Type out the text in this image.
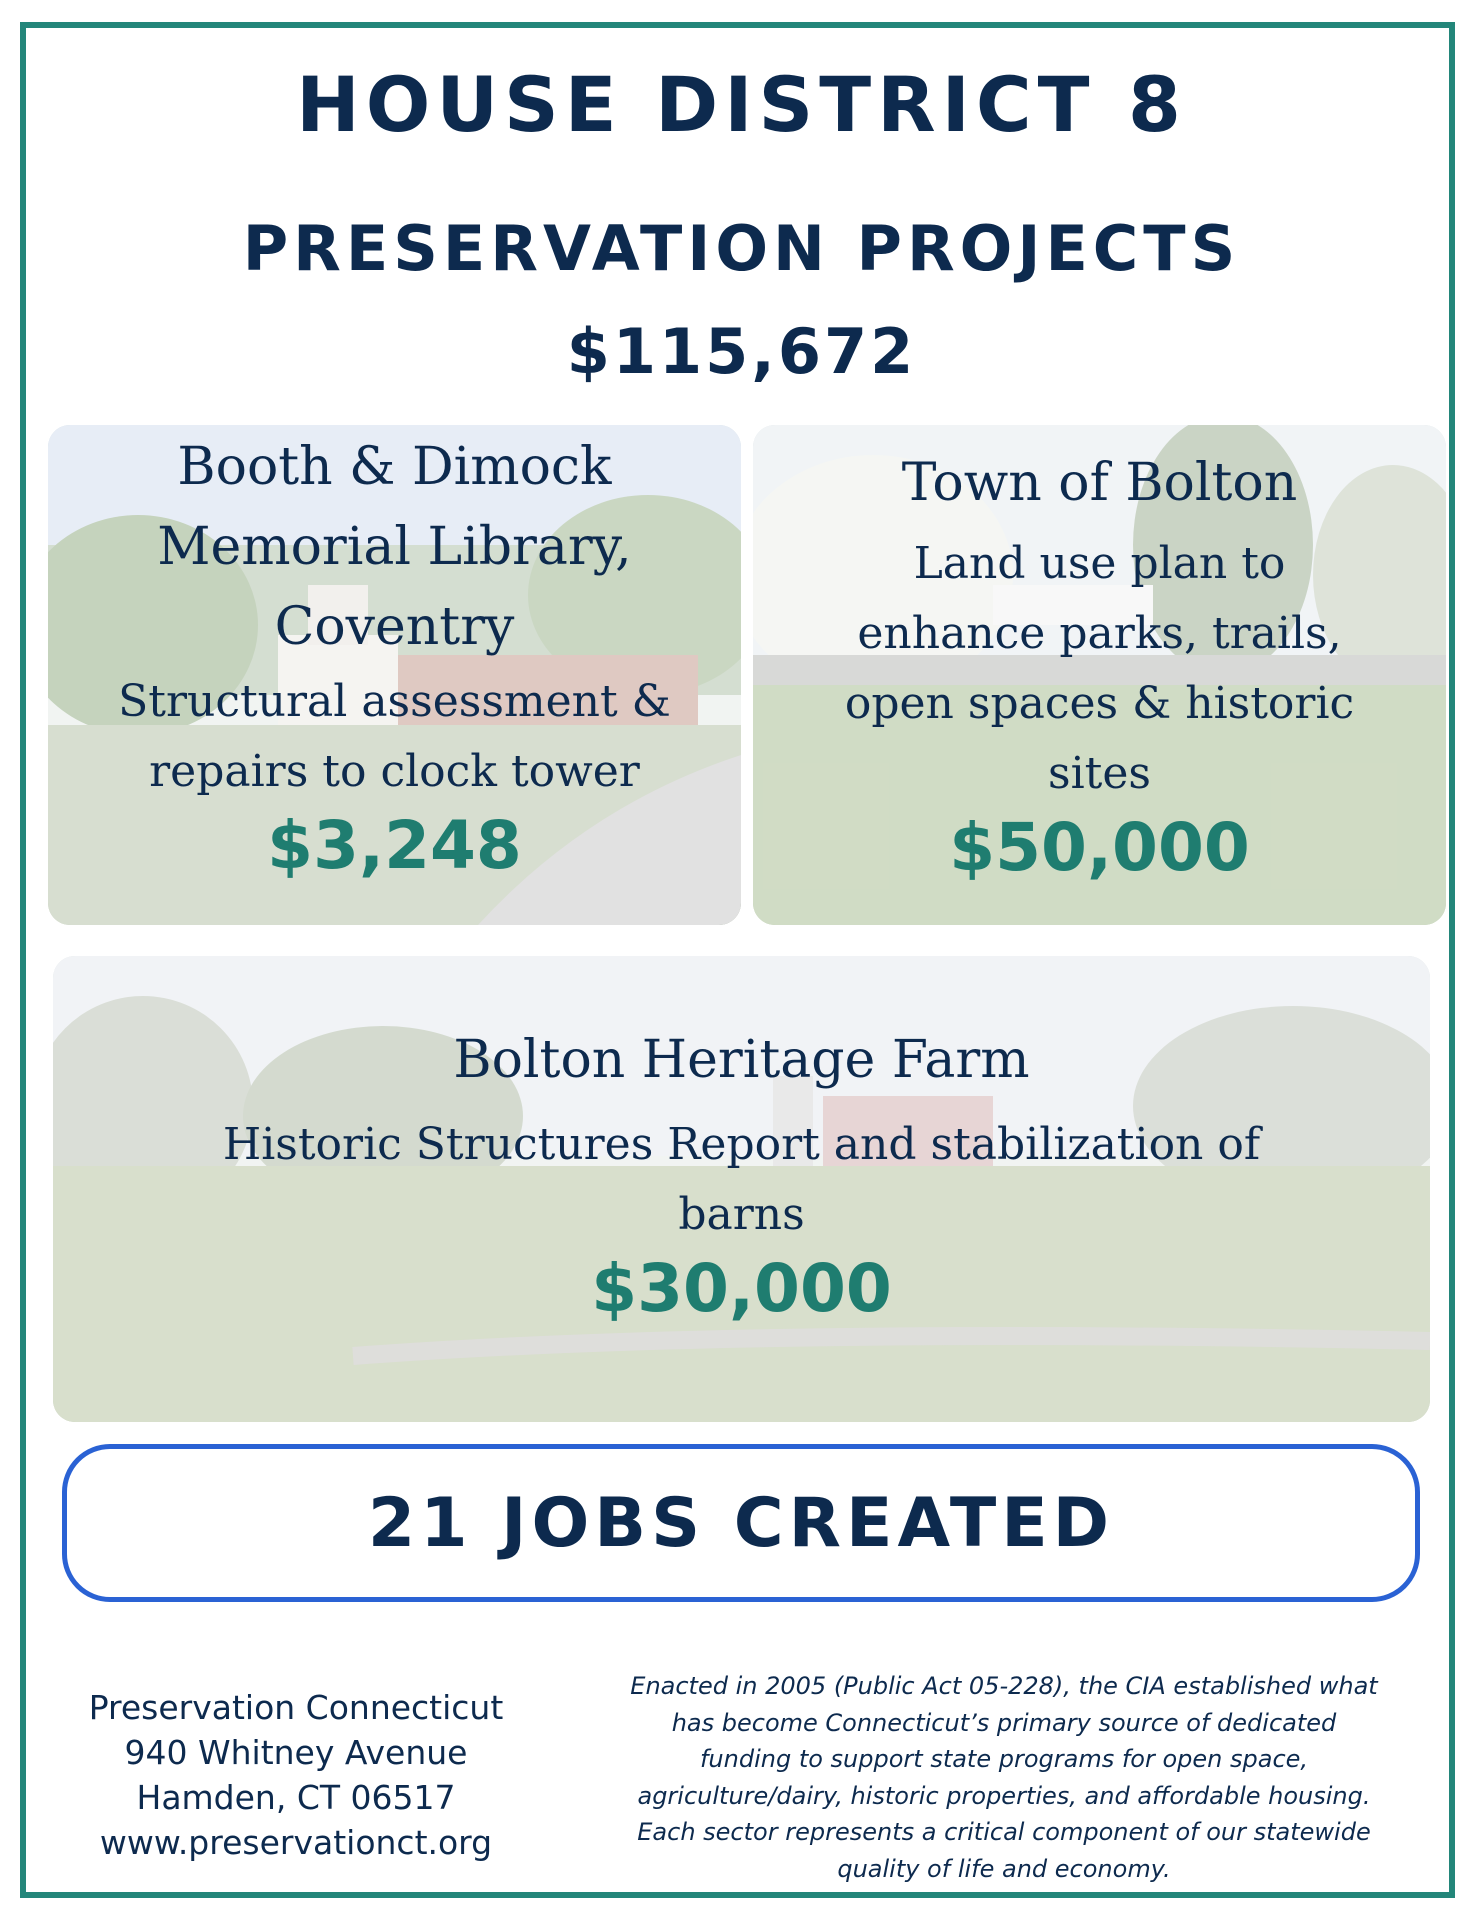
HOUSE DISTRICT 8
PRESERVATION PROJECTS
$115,672

Booth & Dimock

Memorial Library,

Coventry

Structural assessment &

repairs to clock tower

$3,248

Town of Bolton

Land use plan to

enhance parks, trails,

open spaces & historic

sites

$50,000

Bolton Heritage Farm

Historic Structures Report and stabilization of

barns

$30,000

21 JOBS CREATED
Preservation Connecticut
940 Whitney Avenue
Hamden, CT 06517
www.preservationct.org
Enacted in 2005 (Public Act 05-228), the CIA established what
has become Connecticut’s primary source of dedicated
funding to support state programs for open space,
agriculture/dairy, historic properties, and affordable housing.
Each sector represents a critical component of our statewide
quality of life and economy.
